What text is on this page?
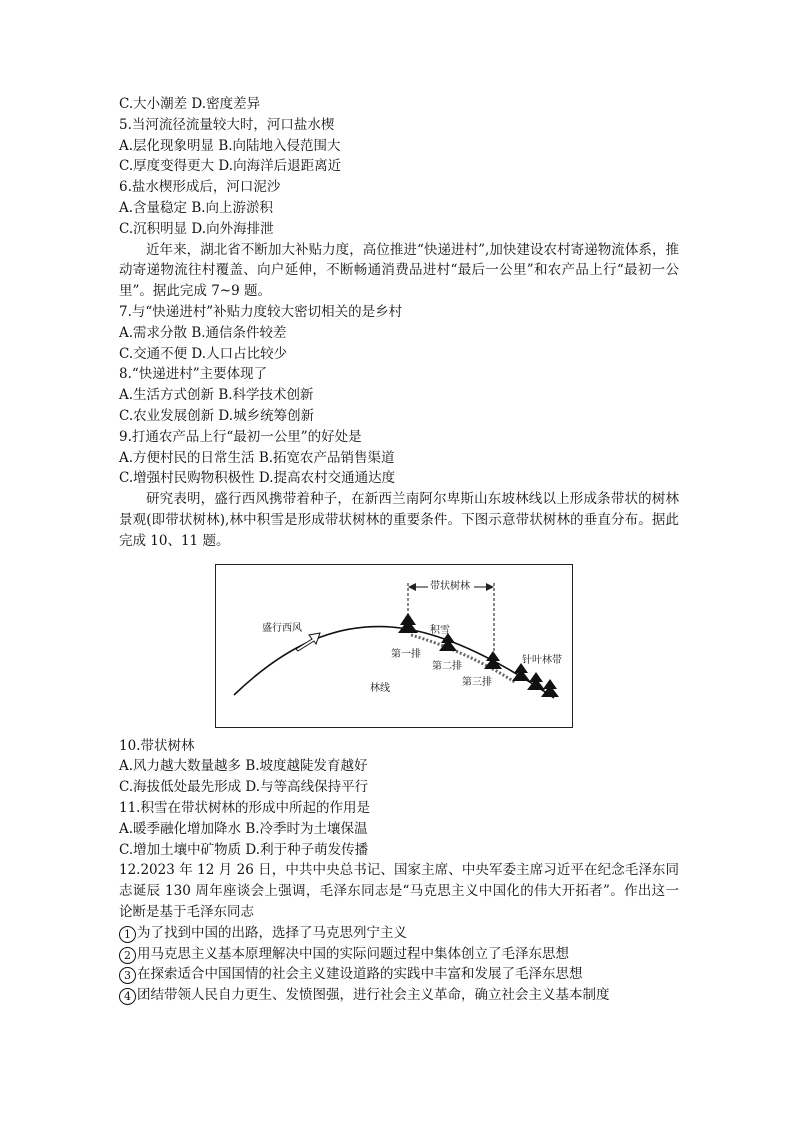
C.大小潮差 D.密度差异
5.当河流径流量较大时，河口盐水楔
A.层化现象明显 B.向陆地入侵范围大
C.厚度变得更大 D.向海洋后退距离近
6.盐水楔形成后，河口泥沙
A.含量稳定 B.向上游淤积
C.沉积明显 D.向外海排泄

近年来，湖北省不断加大补贴力度，高位推进“快递进村”,加快建设农村寄递物流体系，推动寄递物流往村覆盖、向户延伸，不断畅通消费品进村“最后一公里”和农产品上行“最初一公里”。据此完成 7~9 题。

7.与“快递进村”补贴力度较大密切相关的是乡村
A.需求分散 B.通信条件较差
C.交通不便 D.人口占比较少
8.“快递进村”主要体现了
A.生活方式创新 B.科学技术创新
C.农业发展创新 D.城乡统筹创新
9.打通农产品上行“最初一公里”的好处是
A.方便村民的日常生活 B.拓宽农产品销售渠道
C.增强村民购物积极性 D.提高农村交通通达度

研究表明，盛行西风携带着种子，在新西兰南阿尔卑斯山东坡林线以上形成条带状的树林景观(即带状树林),林中积雪是形成带状树林的重要条件。下图示意带状树林的垂直分布。据此完成 10、11 题。

带状树林
盛行西风	积雪
第一排
第二排
第三排
针叶林带
林线
10.带状树林
A.风力越大数量越多 B.坡度越陡发育越好
C.海拔低处最先形成 D.与等高线保持平行
11.积雪在带状树林的形成中所起的作用是
A.暖季融化增加降水 B.冷季时为土壤保温
C.增加土壤中矿物质 D.利于种子萌发传播

12.2023 年 12 月 26 日，中共中央总书记、国家主席、中央军委主席习近平在纪念毛泽东同志诞辰 130 周年座谈会上强调，毛泽东同志是“马克思主义中国化的伟大开拓者”。作出这一论断是基于毛泽东同志

1 为了找到中国的出路，选择了马克思列宁主义
2 用马克思主义基本原理解决中国的实际问题过程中集体创立了毛泽东思想
3 在探索适合中国国情的社会主义建设道路的实践中丰富和发展了毛泽东思想
4 团结带领人民自力更生、发愤图强，进行社会主义革命，确立社会主义基本制度
